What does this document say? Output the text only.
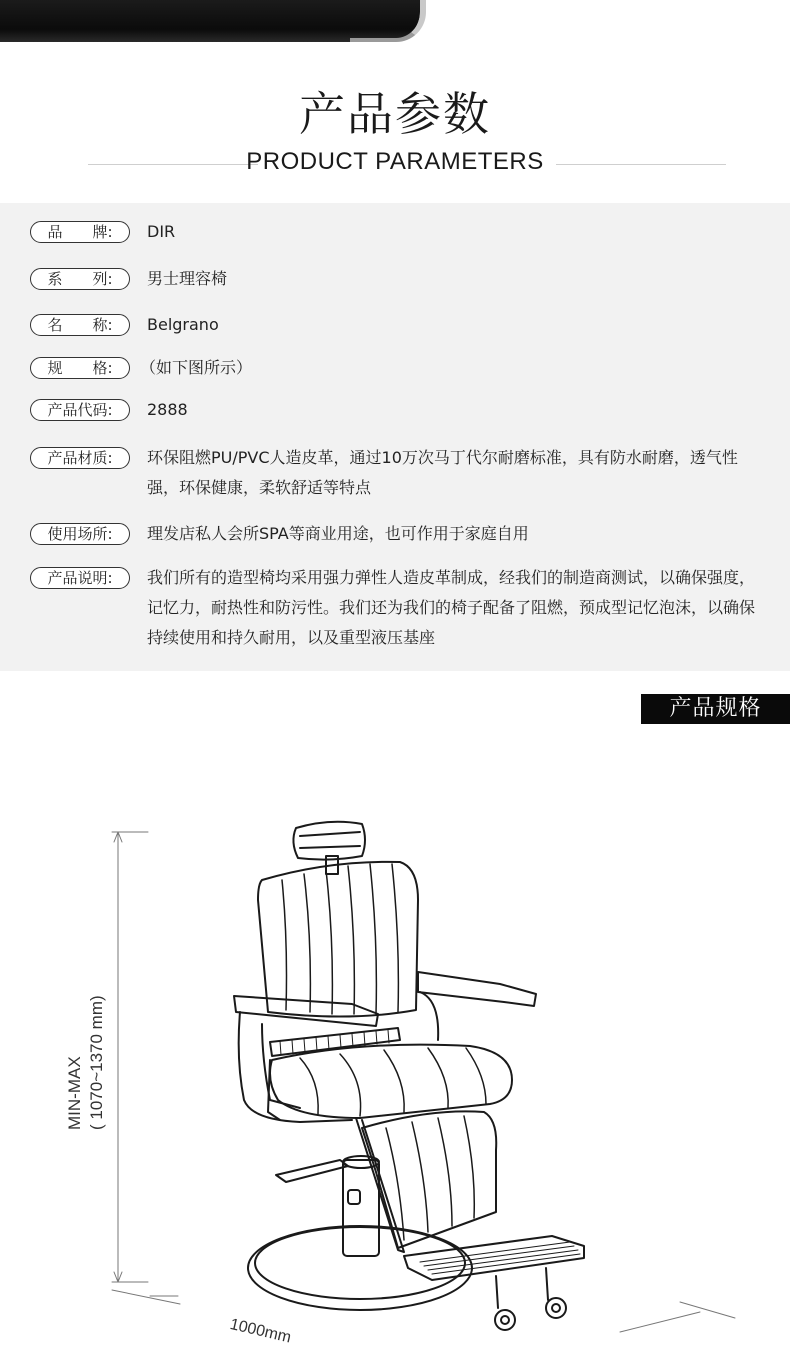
产品参数
PRODUCT PARAMETERS
品　　牌:	DIR
系　　列:	男士理容椅
名　　称:	Belgrano
规　　格:	（如下图所示）
产品代码:	2888
产品材质:	环保阻燃PU/PVC人造皮革，通过10万次马丁代尔耐磨标准，具有防水耐磨，透气性强，环保健康，柔软舒适等特点
使用场所:	理发店私人会所SPA等商业用途，也可作用于家庭自用
产品说明:	我们所有的造型椅均采用强力弹性人造皮革制成，经我们的制造商测试，以确保强度，记忆力，耐热性和防污性。我们还为我们的椅子配备了阻燃，预成型记忆泡沫，以确保持续使用和持久耐用，以及重型液压基座
产品规格
MIN-MAX ( 1070~1370 mm)
1000mm
